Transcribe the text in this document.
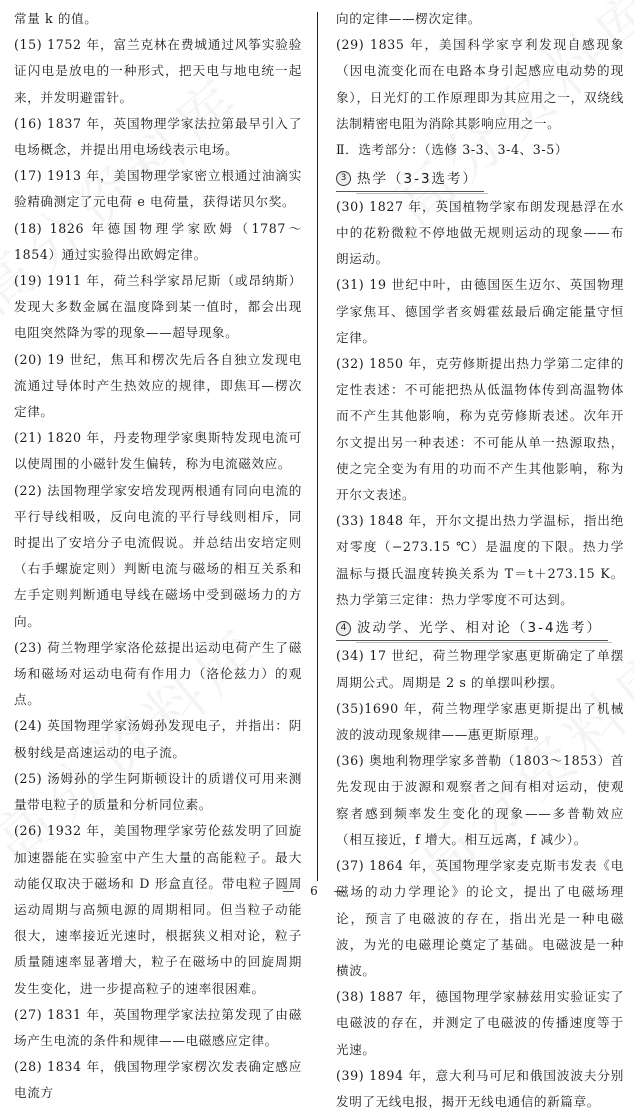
常量 k 的值。

(15) 1752 年，富兰克林在费城通过风筝实验验证闪电是放电的一种形式，把天电与地电统一起来，并发明避雷针。

(16) 1837 年，英国物理学家法拉第最早引入了电场概念，并提出用电场线表示电场。

(17) 1913 年，美国物理学家密立根通过油滴实验精确测定了元电荷 e 电荷量，获得诺贝尔奖。

(18) 1826 年德国物理学家欧姆（1787～1854）通过实验得出欧姆定律。

(19) 1911 年，荷兰科学家昂尼斯（或昂纳斯）发现大多数金属在温度降到某一值时，都会出现电阻突然降为零的现象——超导现象。

(20) 19 世纪，焦耳和楞次先后各自独立发现电流通过导体时产生热效应的规律，即焦耳—楞次定律。

(21) 1820 年，丹麦物理学家奥斯特发现电流可以使周围的小磁针发生偏转，称为电流磁效应。

(22) 法国物理学家安培发现两根通有同向电流的平行导线相吸，反向电流的平行导线则相斥，同时提出了安培分子电流假说。并总结出安培定则（右手螺旋定则）判断电流与磁场的相互关系和左手定则判断通电导线在磁场中受到磁场力的方向。

(23) 荷兰物理学家洛伦兹提出运动电荷产生了磁场和磁场对运动电荷有作用力（洛伦兹力）的观点。

(24) 英国物理学家汤姆孙发现电子，并指出：阴极射线是高速运动的电子流。

(25) 汤姆孙的学生阿斯顿设计的质谱仪可用来测量带电粒子的质量和分析同位素。

(26) 1932 年，美国物理学家劳伦兹发明了回旋加速器能在实验室中产生大量的高能粒子。最大动能仅取决于磁场和 D 形盒直径。带电粒子圆周运动周期与高频电源的周期相同。但当粒子动能很大，速率接近光速时，根据狭义相对论，粒子质量随速率显著增大，粒子在磁场中的回旋周期发生变化，进一步提高粒子的速率很困难。

(27) 1831 年，英国物理学家法拉第发现了由磁场产生电流的条件和规律——电磁感应定律。

(28) 1834 年，俄国物理学家楞次发表确定感应电流方

向的定律——楞次定律。

(29) 1835 年，美国科学家亨利发现自感现象（因电流变化而在电路本身引起感应电动势的现象），日光灯的工作原理即为其应用之一，双绕线法制精密电阻为消除其影响应用之一。

Ⅱ．选考部分：（选修 3-3、3-4、3-5）

3 热学（3-3选考）

(30) 1827 年，英国植物学家布朗发现悬浮在水中的花粉微粒不停地做无规则运动的现象——布朗运动。

(31) 19 世纪中叶，由德国医生迈尔、英国物理学家焦耳、德国学者亥姆霍兹最后确定能量守恒定律。

(32) 1850 年，克劳修斯提出热力学第二定律的定性表述：不可能把热从低温物体传到高温物体而不产生其他影响，称为克劳修斯表述。次年开尔文提出另一种表述：不可能从单一热源取热，使之完全变为有用的功而不产生其他影响，称为开尔文表述。

(33) 1848 年，开尔文提出热力学温标，指出绝对零度（−273.15 ℃）是温度的下限。热力学温标与摄氏温度转换关系为 T＝t＋273.15 K。热力学第三定律：热力学零度不可达到。

4 波动学、光学、相对论（3-4选考）

(34) 17 世纪，荷兰物理学家惠更斯确定了单摆周期公式。周期是 2 s 的单摆叫秒摆。

(35)1690 年，荷兰物理学家惠更斯提出了机械波的波动现象规律——惠更斯原理。

(36) 奥地利物理学家多普勒（1803～1853）首先发现由于波源和观察者之间有相对运动，使观察者感到频率发生变化的现象——多普勒效应（相互接近，f 增大。相互远离，f 减少）。

(37) 1864 年，英国物理学家麦克斯韦发表《电磁场的动力学理论》的论文，提出了电磁场理论，预言了电磁波的存在，指出光是一种电磁波，为光的电磁理论奠定了基础。电磁波是一种横波。

(38) 1887 年，德国物理学家赫兹用实验证实了电磁波的存在，并测定了电磁波的传播速度等于光速。

(39) 1894 年，意大利马可尼和俄国波波夫分别发明了无线电报，揭开无线电通信的新篇章。

— 6 —
